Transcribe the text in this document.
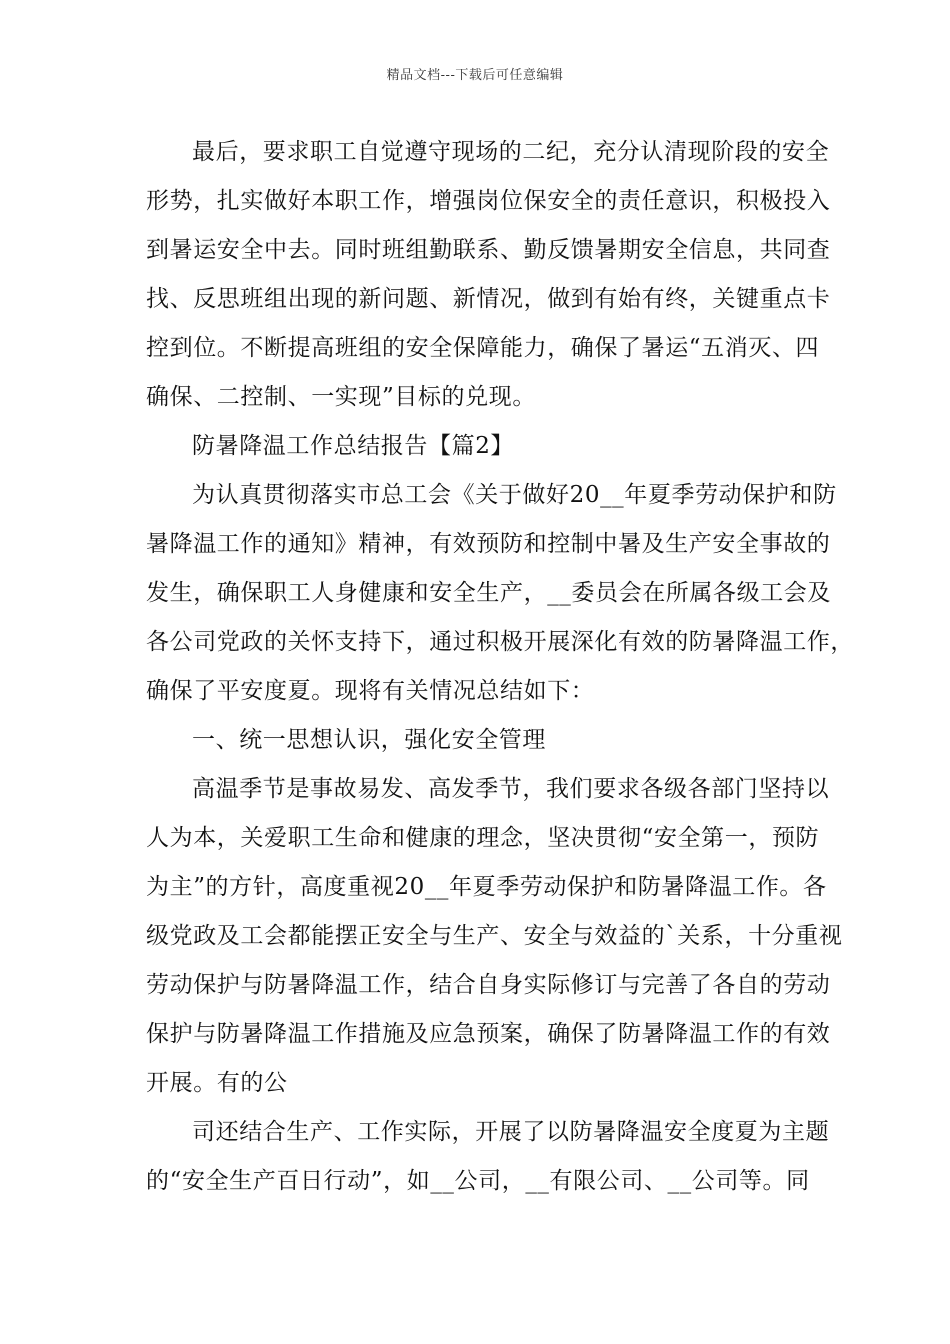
精品文档---下载后可任意编辑
最后，要求职工自觉遵守现场的二纪，充分认清现阶段的安全
形势，扎实做好本职工作，增强岗位保安全的责任意识，积极投入
到暑运安全中去。同时班组勤联系、勤反馈暑期安全信息，共同查
找、反思班组出现的新问题、新情况，做到有始有终，关键重点卡
控到位。不断提高班组的安全保障能力，确保了暑运“五消灭、四
确保、二控制、一实现”目标的兑现。
防暑降温工作总结报告【篇2】
为认真贯彻落实市总工会《关于做好20__年夏季劳动保护和防
暑降温工作的通知》精神，有效预防和控制中暑及生产安全事故的
发生，确保职工人身健康和安全生产，__委员会在所属各级工会及
各公司党政的关怀支持下，通过积极开展深化有效的防暑降温工作，
确保了平安度夏。现将有关情况总结如下：
一、统一思想认识，强化安全管理
高温季节是事故易发、高发季节，我们要求各级各部门坚持以
人为本，关爱职工生命和健康的理念，坚决贯彻“安全第一，预防
为主”的方针，高度重视20__年夏季劳动保护和防暑降温工作。各
级党政及工会都能摆正安全与生产、安全与效益的`关系，十分重视
劳动保护与防暑降温工作，结合自身实际修订与完善了各自的劳动
保护与防暑降温工作措施及应急预案，确保了防暑降温工作的有效
开展。有的公
司还结合生产、工作实际，开展了以防暑降温安全度夏为主题
的“安全生产百日行动”，如__公司，__有限公司、__公司等。同
